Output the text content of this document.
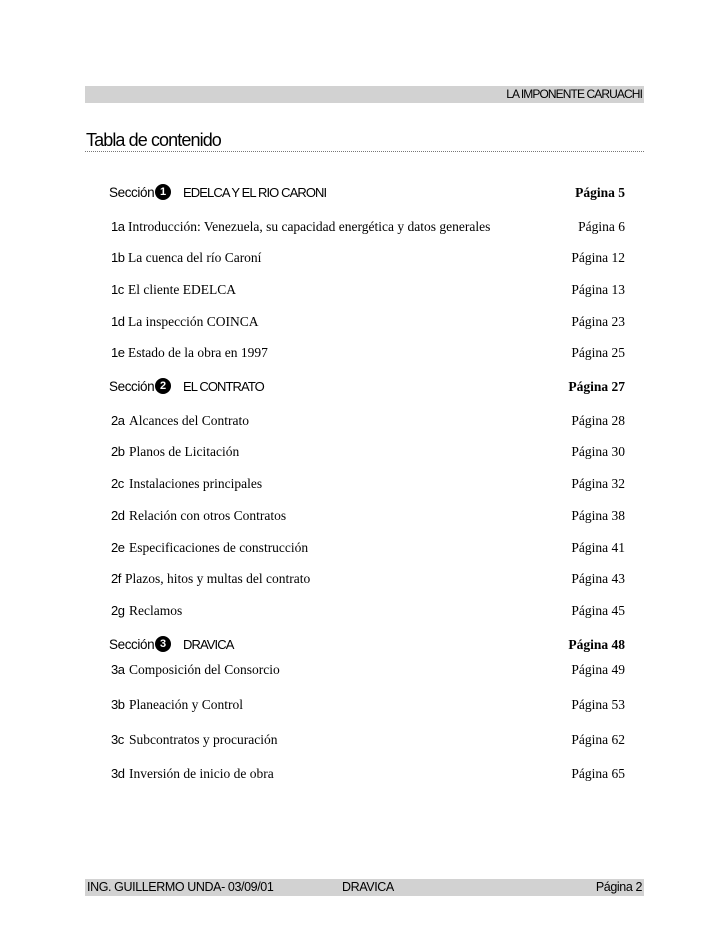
LA IMPONENTE CARUACHI
Tabla de contenido
Sección 1	EDELCA Y EL RIO CARONI	Página 5
1a Introducción: Venezuela, su capacidad energética y datos generales	Página 6
1b La cuenca del río Caroní	Página 12
1c El cliente EDELCA	Página 13
1d La inspección COINCA	Página 23
1e Estado de la obra en 1997	Página 25
Sección 2	EL CONTRATO	Página 27
2a Alcances del Contrato	Página 28
2b Planos de Licitación	Página 30
2c Instalaciones principales	Página 32
2d Relación con otros Contratos	Página 38
2e Especificaciones de construcción	Página 41
2f Plazos, hitos y multas del contrato	Página 43
2g Reclamos	Página 45
Sección 3	DRAVICA	Página 48
3a Composición del Consorcio	Página 49
3b Planeación y Control	Página 53
3c Subcontratos y procuración	Página 62
3d Inversión de inicio de obra	Página 65
ING. GUILLERMO UNDA- 03/09/01	DRAVICA	Página 2
